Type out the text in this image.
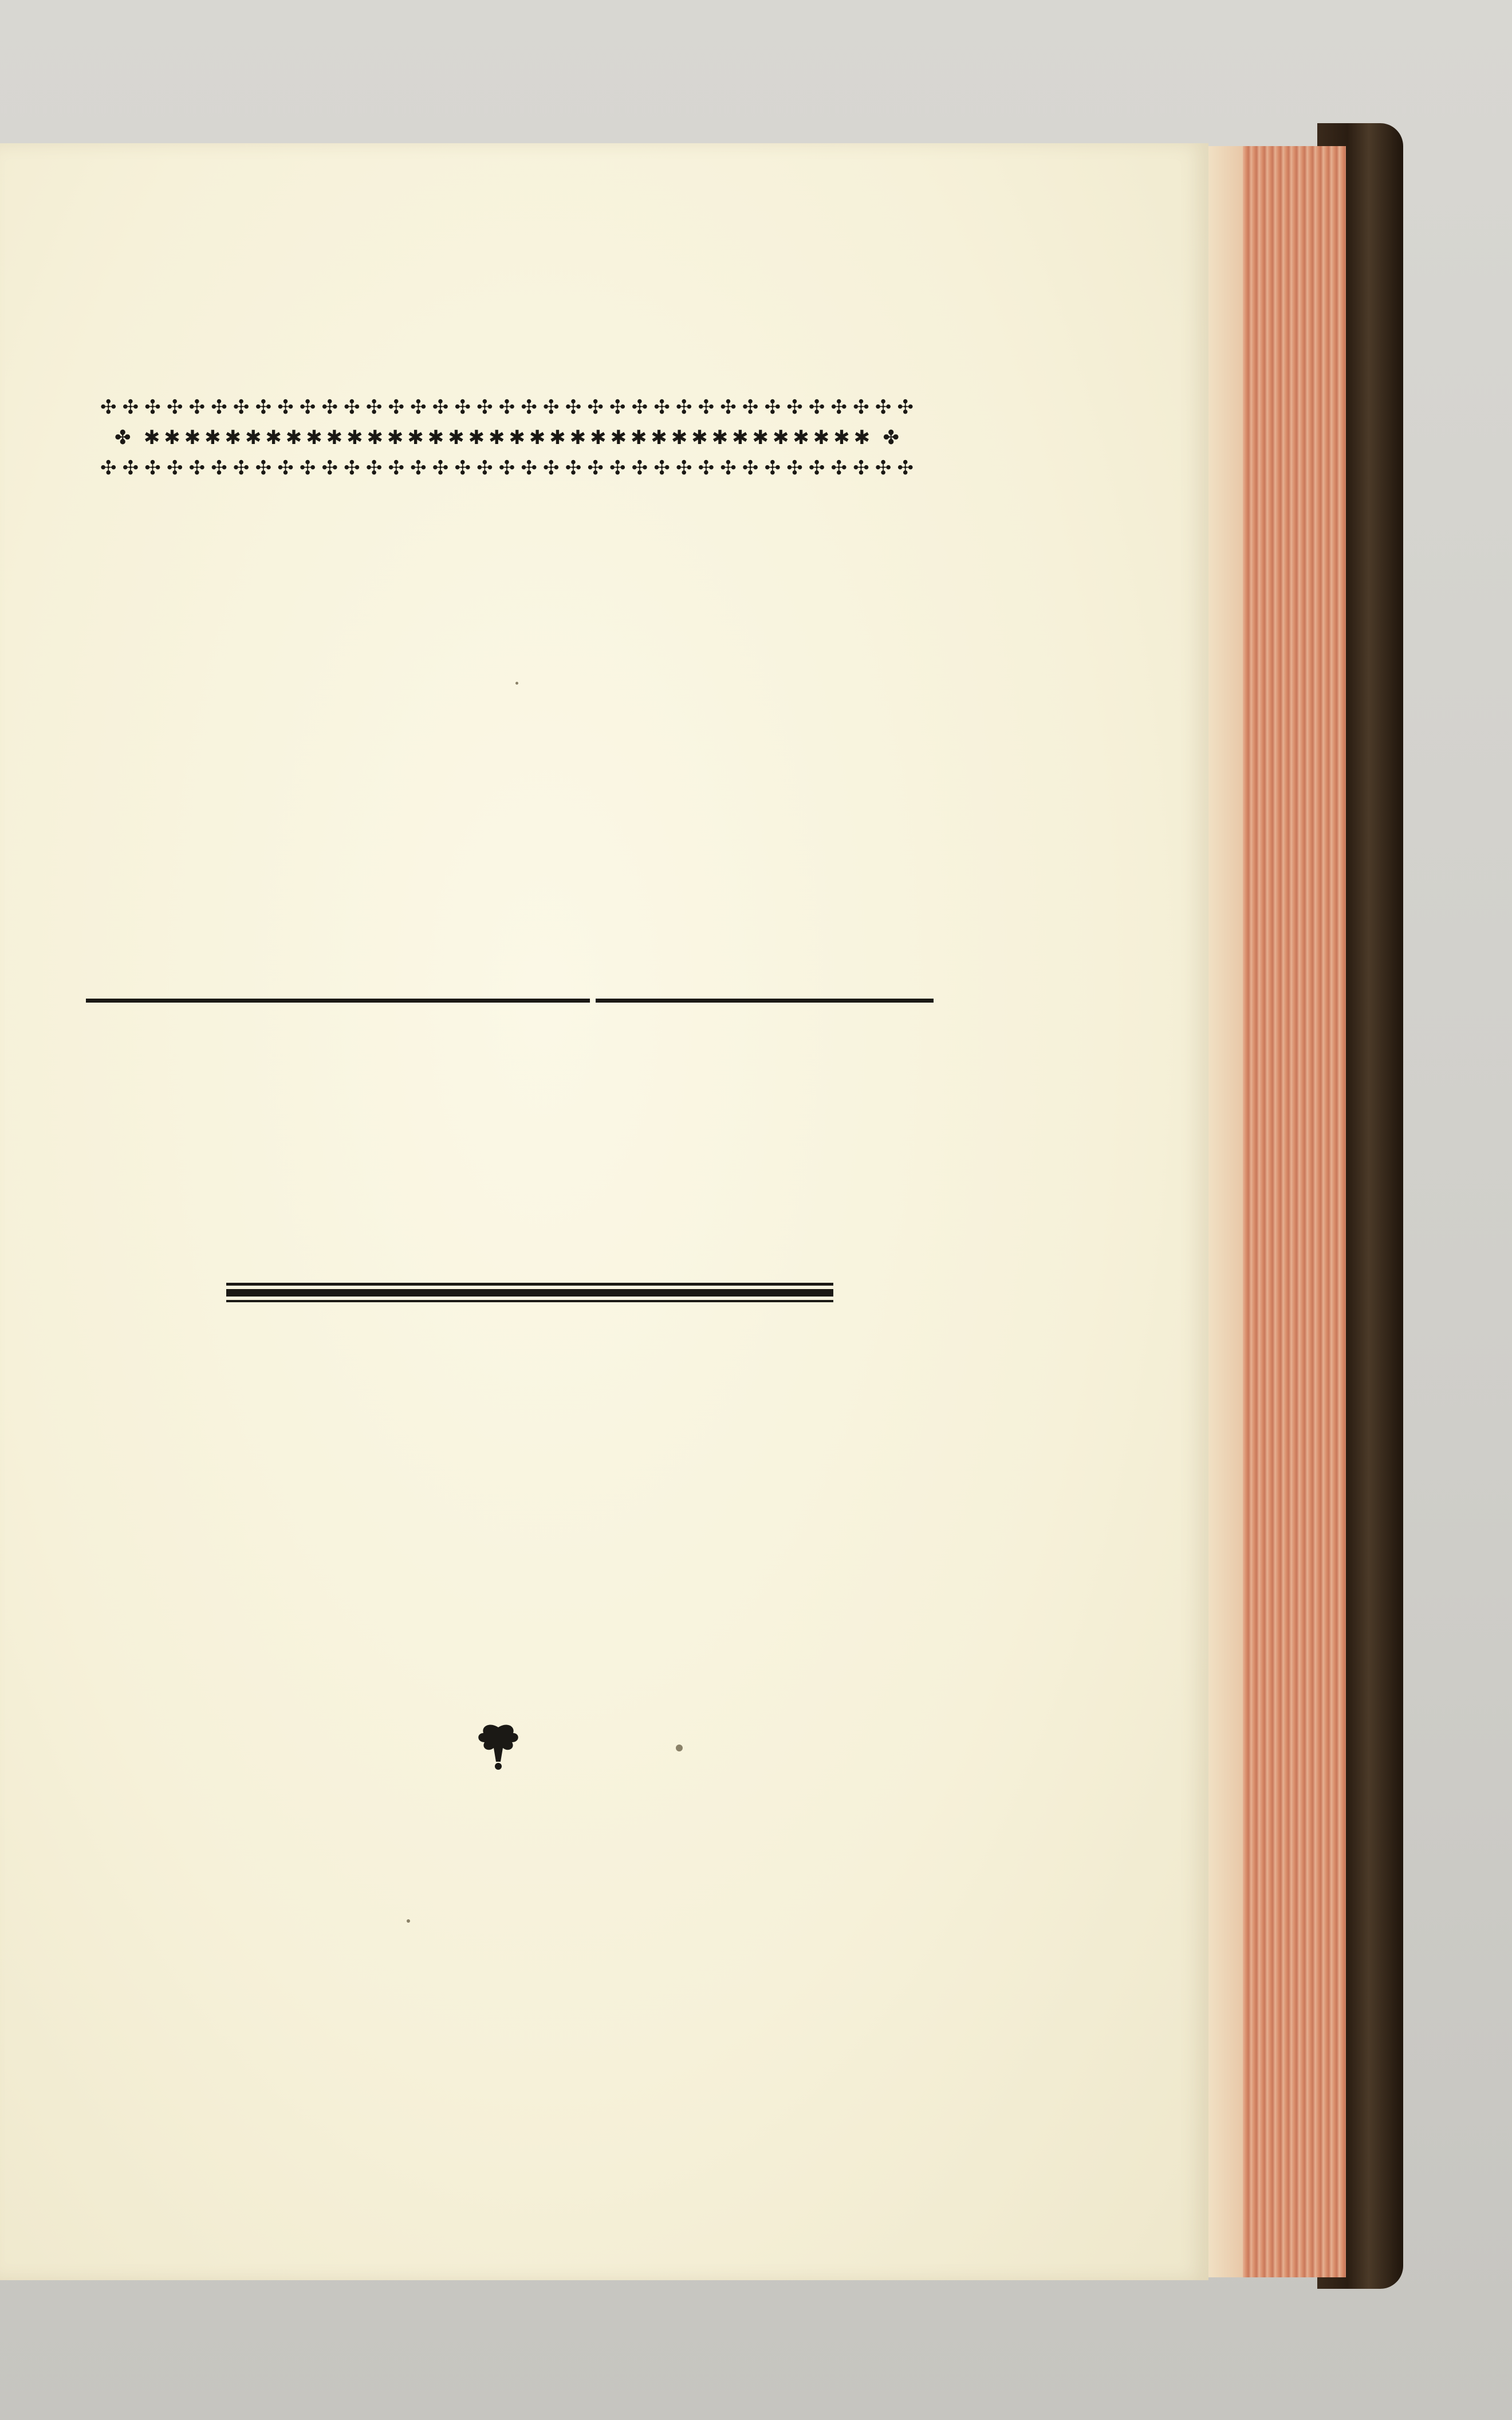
✣✣✣✣✣✣✣✣✣✣✣✣✣✣✣✣✣✣✣✣✣✣✣✣✣✣✣✣✣✣✣✣✣✣✣✣✣
✤ ✱✱✱✱✱✱✱✱✱✱✱✱✱✱✱✱✱✱✱✱✱✱✱✱✱✱✱✱✱✱✱✱✱✱✱✱ ✤
✣✣✣✣✣✣✣✣✣✣✣✣✣✣✣✣✣✣✣✣✣✣✣✣✣✣✣✣✣✣✣✣✣✣✣✣✣
